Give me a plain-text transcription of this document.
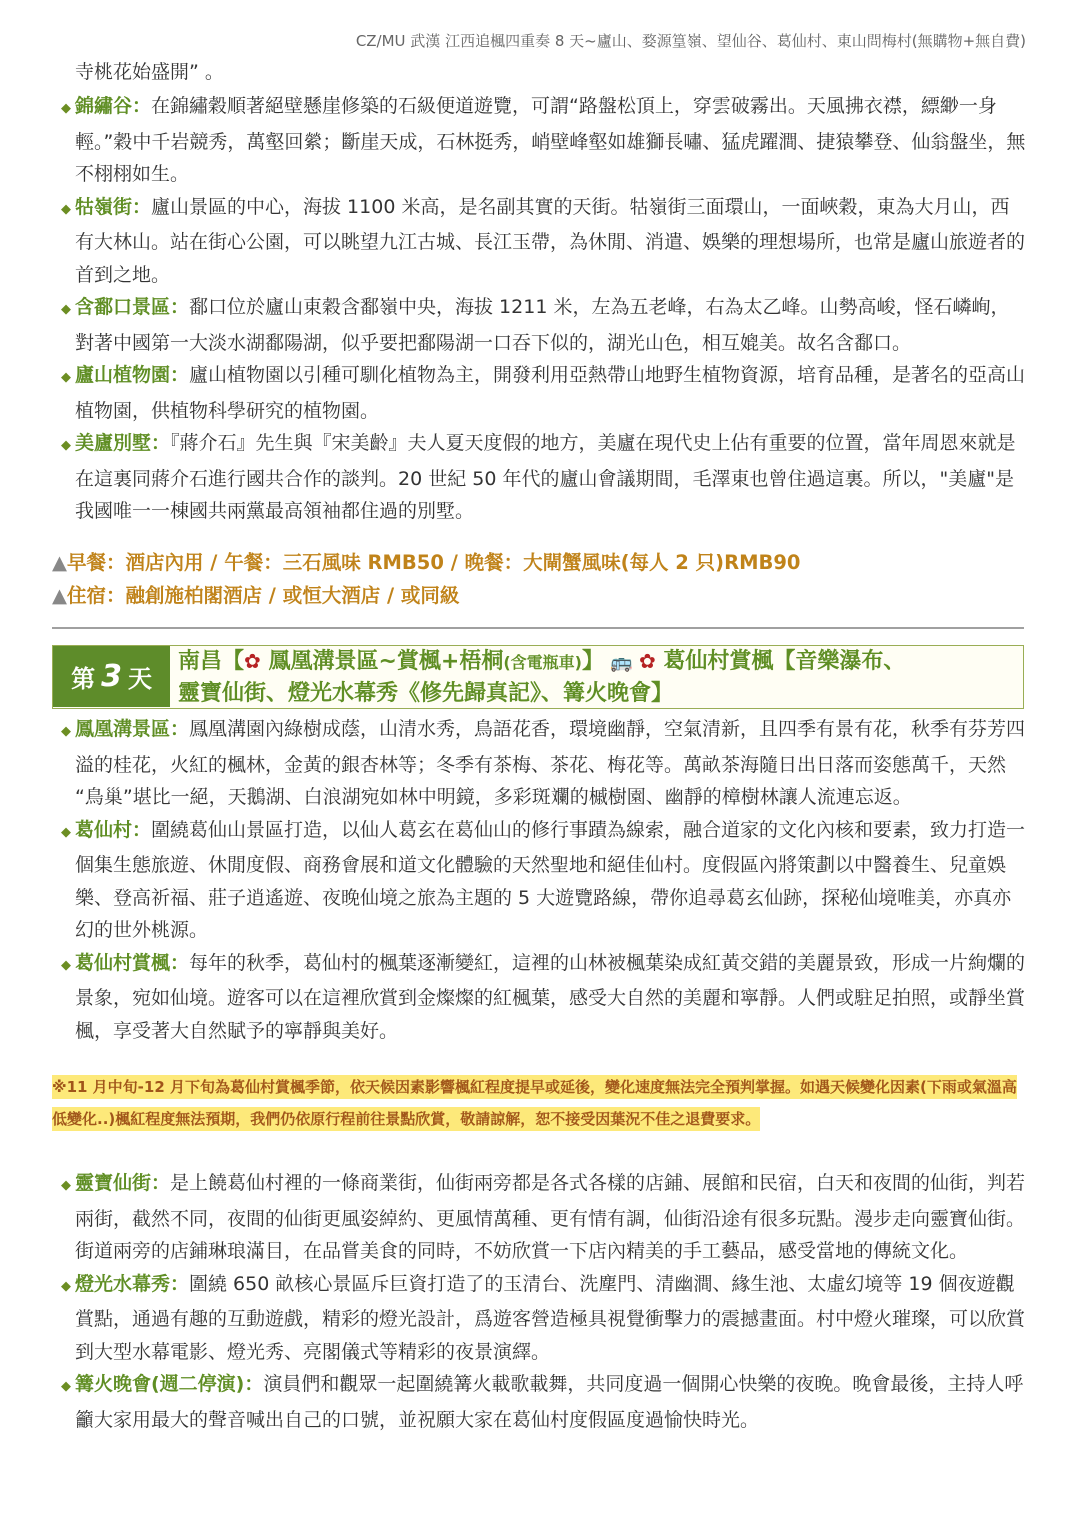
CZ/MU 武漢 江西追楓四重奏 8 天~廬山、婺源篁嶺、望仙谷、葛仙村、東山問梅村(無購物+無自費)
寺桃花始盛開” 。
◆ 錦繡谷：在錦繡穀順著絕壁懸崖修築的石級便道遊覽，可謂“路盤松頂上，穿雲破霧出。天風拂衣襟，縹緲一身輕。”穀中千岩競秀，萬壑回縈；斷崖天成，石林挺秀，峭壁峰壑如雄獅長嘯、猛虎躍澗、捷猿攀登、仙翁盤坐，無不栩栩如生。
◆ 牯嶺街：廬山景區的中心，海拔 1100 米高，是名副其實的天街。牯嶺街三面環山，一面峽穀，東為大月山，西有大林山。站在街心公園，可以眺望九江古城、長江玉帶，為休閒、消遣、娛樂的理想場所，也常是廬山旅遊者的首到之地。
◆ 含鄱口景區：鄱口位於廬山東穀含鄱嶺中央，海拔 1211 米，左為五老峰，右為太乙峰。山勢高峻，怪石嶙峋，對著中國第一大淡水湖鄱陽湖，似乎要把鄱陽湖一口吞下似的，湖光山色，相互媲美。故名含鄱口。
◆ 廬山植物園：廬山植物園以引種可馴化植物為主，開發利用亞熱帶山地野生植物資源，培育品種，是著名的亞高山植物園，供植物科學研究的植物園。
◆ 美廬別墅：『蔣介石』先生與『宋美齡』夫人夏天度假的地方，美廬在現代史上佔有重要的位置，當年周恩來就是在這裏同蔣介石進行國共合作的談判。20 世紀 50 年代的廬山會議期間，毛澤東也曾住過這裏。所以，"美廬"是我國唯一一棟國共兩黨最高領袖都住過的別墅。
▲早餐：酒店內用 / 午餐：三石風味 RMB50 / 晚餐：大閘蟹風味(每人 2 只)RMB90
▲住宿：融創施柏閣酒店 / 或恒大酒店 / 或同級
第 3 天
南昌【✿ 鳳凰溝景區~賞楓+梧桐(含電瓶車)】 🚌 ✿ 葛仙村賞楓【音樂瀑布、
靈寶仙街、燈光水幕秀《修先歸真記》、篝火晚會】
◆ 鳳凰溝景區：鳳凰溝園內綠樹成蔭，山清水秀，鳥語花香，環境幽靜，空氣清新，且四季有景有花，秋季有芬芳四溢的桂花，火紅的楓林，金黃的銀杏林等；冬季有茶梅、茶花、梅花等。萬畝茶海隨日出日落而姿態萬千，天然 “鳥巢”堪比一絕，天鵝湖、白浪湖宛如林中明鏡，多彩斑斕的槭樹園、幽靜的樟樹林讓人流連忘返。
◆ 葛仙村：圍繞葛仙山景區打造，以仙人葛玄在葛仙山的修行事蹟為線索，融合道家的文化內核和要素，致力打造一個集生態旅遊、休閒度假、商務會展和道文化體驗的天然聖地和絕佳仙村。度假區內將策劃以中醫養生、兒童娛樂、登高祈福、莊子逍遙遊、夜晚仙境之旅為主題的 5 大遊覽路線，帶你追尋葛玄仙跡，探秘仙境唯美，亦真亦幻的世外桃源。
◆ 葛仙村賞楓：每年的秋季，葛仙村的楓葉逐漸變紅，這裡的山林被楓葉染成紅黃交錯的美麗景致，形成一片絢爛的景象，宛如仙境。遊客可以在這裡欣賞到金燦燦的紅楓葉，感受大自然的美麗和寧靜。人們或駐足拍照，或靜坐賞楓，享受著大自然賦予的寧靜與美好。
※11 月中旬-12 月下旬為葛仙村賞楓季節，依天候因素影響楓紅程度提早或延後，變化速度無法完全預判掌握。如遇天候變化因素(下雨或氣溫高低變化..)楓紅程度無法預期，我們仍依原行程前往景點欣賞，敬請諒解，恕不接受因葉況不佳之退費要求。
◆ 靈寶仙街：是上饒葛仙村裡的一條商業街，仙街兩旁都是各式各樣的店鋪、展館和民宿，白天和夜間的仙街，判若兩街，截然不同，夜間的仙街更風姿綽約、更風情萬種、更有情有調，仙街沿途有很多玩點。漫步走向靈寶仙街。街道兩旁的店鋪琳琅滿目，在品嘗美食的同時，不妨欣賞一下店內精美的手工藝品，感受當地的傳統文化。
◆ 燈光水幕秀：圍繞 650 畝核心景區斥巨資打造了的玉清台、洗塵門、清幽澗、緣生池、太虛幻境等 19 個夜遊觀賞點，通過有趣的互動遊戲，精彩的燈光設計，爲遊客營造極具視覺衝擊力的震撼畫面。村中燈火璀璨，可以欣賞到大型水幕電影、燈光秀、亮閣儀式等精彩的夜景演繹。
◆ 篝火晚會(週二停演)：演員們和觀眾一起圍繞篝火載歌載舞，共同度過一個開心快樂的夜晚。晚會最後，主持人呼籲大家用最大的聲音喊出自己的口號，並祝願大家在葛仙村度假區度過愉快時光。
